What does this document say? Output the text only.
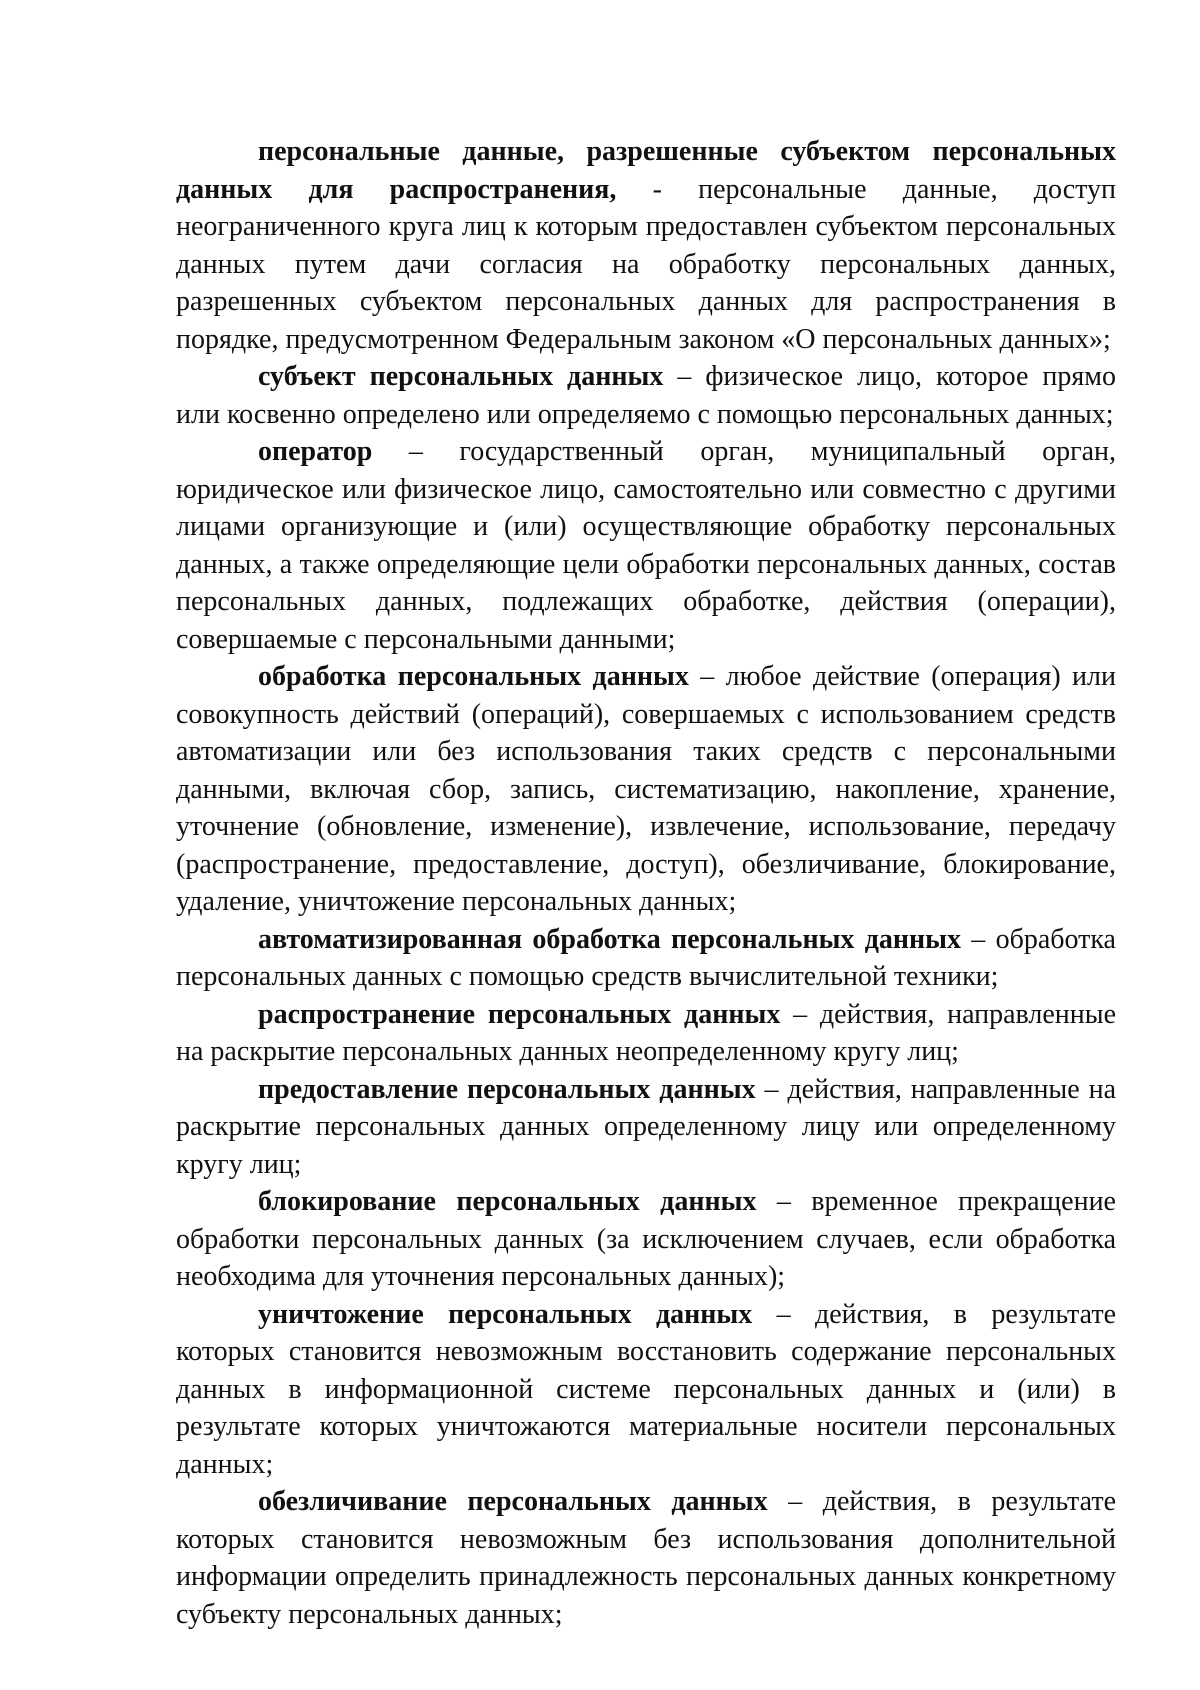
персональные данные, разрешенные субъектом персональных данных для распространения, - персональные данные, доступ неограниченного круга лиц к которым предоставлен субъектом персональных данных путем дачи согласия на обработку персональных данных, разрешенных субъектом персональных данных для распространения в порядке, предусмотренном Федеральным законом «О персональных данных»;

субъект персональных данных – физическое лицо, которое прямо или косвенно определено или определяемо с помощью персональных данных;

оператор – государственный орган, муниципальный орган, юридическое или физическое лицо, самостоятельно или совместно с другими лицами организующие и (или) осуществляющие обработку персональных данных, а также определяющие цели обработки персональных данных, состав персональных данных, подлежащих обработке, действия (операции), совершаемые с персональными данными;

обработка персональных данных – любое действие (операция) или совокупность действий (операций), совершаемых с использованием средств автоматизации или без использования таких средств с персональными данными, включая сбор, запись, систематизацию, накопление, хранение, уточнение (обновление, изменение), извлечение, использование, передачу (распространение, предоставление, доступ), обезличивание, блокирование, удаление, уничтожение персональных данных;

автоматизированная обработка персональных данных – обработка персональных данных с помощью средств вычислительной техники;

распространение персональных данных – действия, направленные на раскрытие персональных данных неопределенному кругу лиц;

предоставление персональных данных – действия, направленные на раскрытие персональных данных определенному лицу или определенному кругу лиц;

блокирование персональных данных – временное прекращение обработки персональных данных (за исключением случаев, если обработка необходима для уточнения персональных данных);

уничтожение персональных данных – действия, в результате которых становится невозможным восстановить содержание персональных данных в информационной системе персональных данных и (или) в результате которых уничтожаются материальные носители персональных данных;

обезличивание персональных данных – действия, в результате которых становится невозможным без использования дополнительной информации определить принадлежность персональных данных конкретному субъекту персональных данных;
